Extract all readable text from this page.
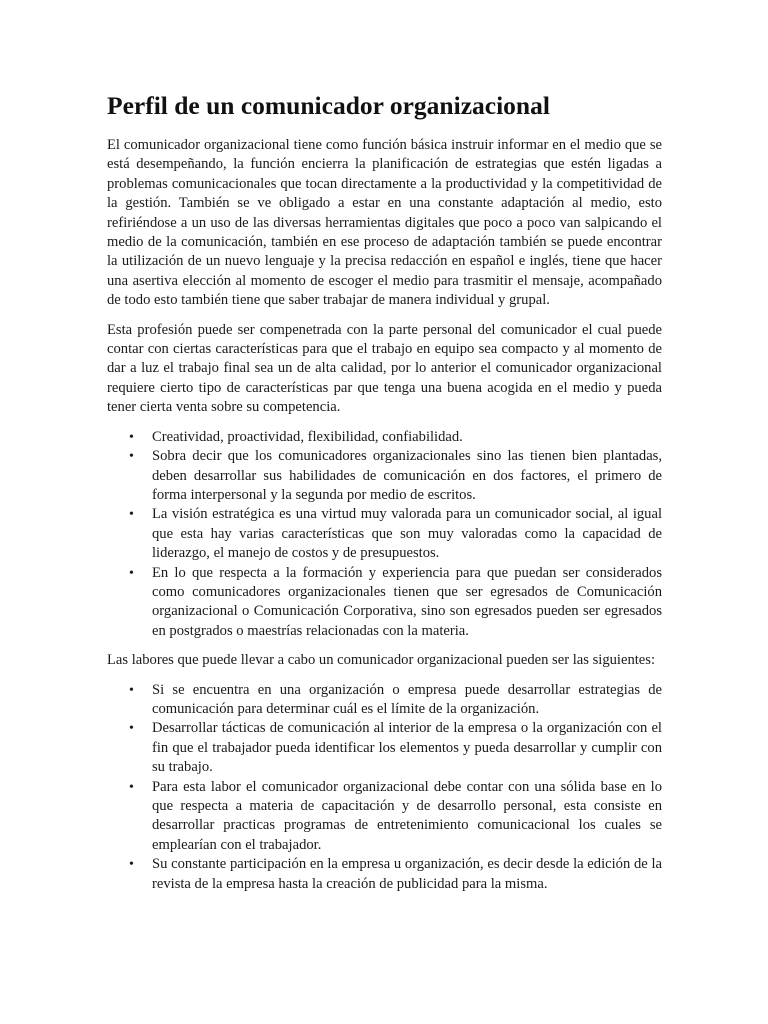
Perfil de un comunicador organizacional

El comunicador organizacional tiene como función básica instruir informar en el medio que se está desempeñando, la función encierra la planificación de estrategias que estén ligadas a problemas comunicacionales que tocan directamente a la productividad y la competitividad de la gestión. También se ve obligado a estar en una constante adaptación al medio, esto refiriéndose a un uso de las diversas herramientas digitales que poco a poco van salpicando el medio de la comunicación, también en ese proceso de adaptación también se puede encontrar la utilización de un nuevo lenguaje y la precisa redacción en español e inglés, tiene que hacer una asertiva elección al momento de escoger el medio para trasmitir el mensaje, acompañado de todo esto también tiene que saber trabajar de manera individual y grupal.

Esta profesión puede ser compenetrada con la parte personal del comunicador el cual puede contar con ciertas características para que el trabajo en equipo sea compacto y al momento de dar a luz el trabajo final sea un de alta calidad, por lo anterior el comunicador organizacional requiere cierto tipo de características par que tenga una buena acogida en el medio y pueda tener cierta venta sobre su competencia.

• Creatividad, proactividad, flexibilidad, confiabilidad.
• Sobra decir que los comunicadores organizacionales sino las tienen bien plantadas, deben desarrollar sus habilidades de comunicación en dos factores, el primero de forma interpersonal y la segunda por medio de escritos.
• La visión estratégica es una virtud muy valorada para un comunicador social, al igual que esta hay varias características que son muy valoradas como la capacidad de liderazgo, el manejo de costos y de presupuestos.
• En lo que respecta a la formación y experiencia para que puedan ser considerados como comunicadores organizacionales tienen que ser egresados de Comunicación organizacional o Comunicación Corporativa, sino son egresados pueden ser egresados en postgrados o maestrías relacionadas con la materia.

Las labores que puede llevar a cabo un comunicador organizacional pueden ser las siguientes:

• Si se encuentra en una organización o empresa puede desarrollar estrategias de comunicación para determinar cuál es el límite de la organización.
• Desarrollar tácticas de comunicación al interior de la empresa o la organización con el fin que el trabajador pueda identificar los elementos y pueda desarrollar y cumplir con su trabajo.
• Para esta labor el comunicador organizacional debe contar con una sólida base en lo que respecta a materia de capacitación y de desarrollo personal, esta consiste en desarrollar practicas programas de entretenimiento comunicacional los cuales se emplearían con el trabajador.
• Su constante participación en la empresa u organización, es decir desde la edición de la revista de la empresa hasta la creación de publicidad para la misma.
